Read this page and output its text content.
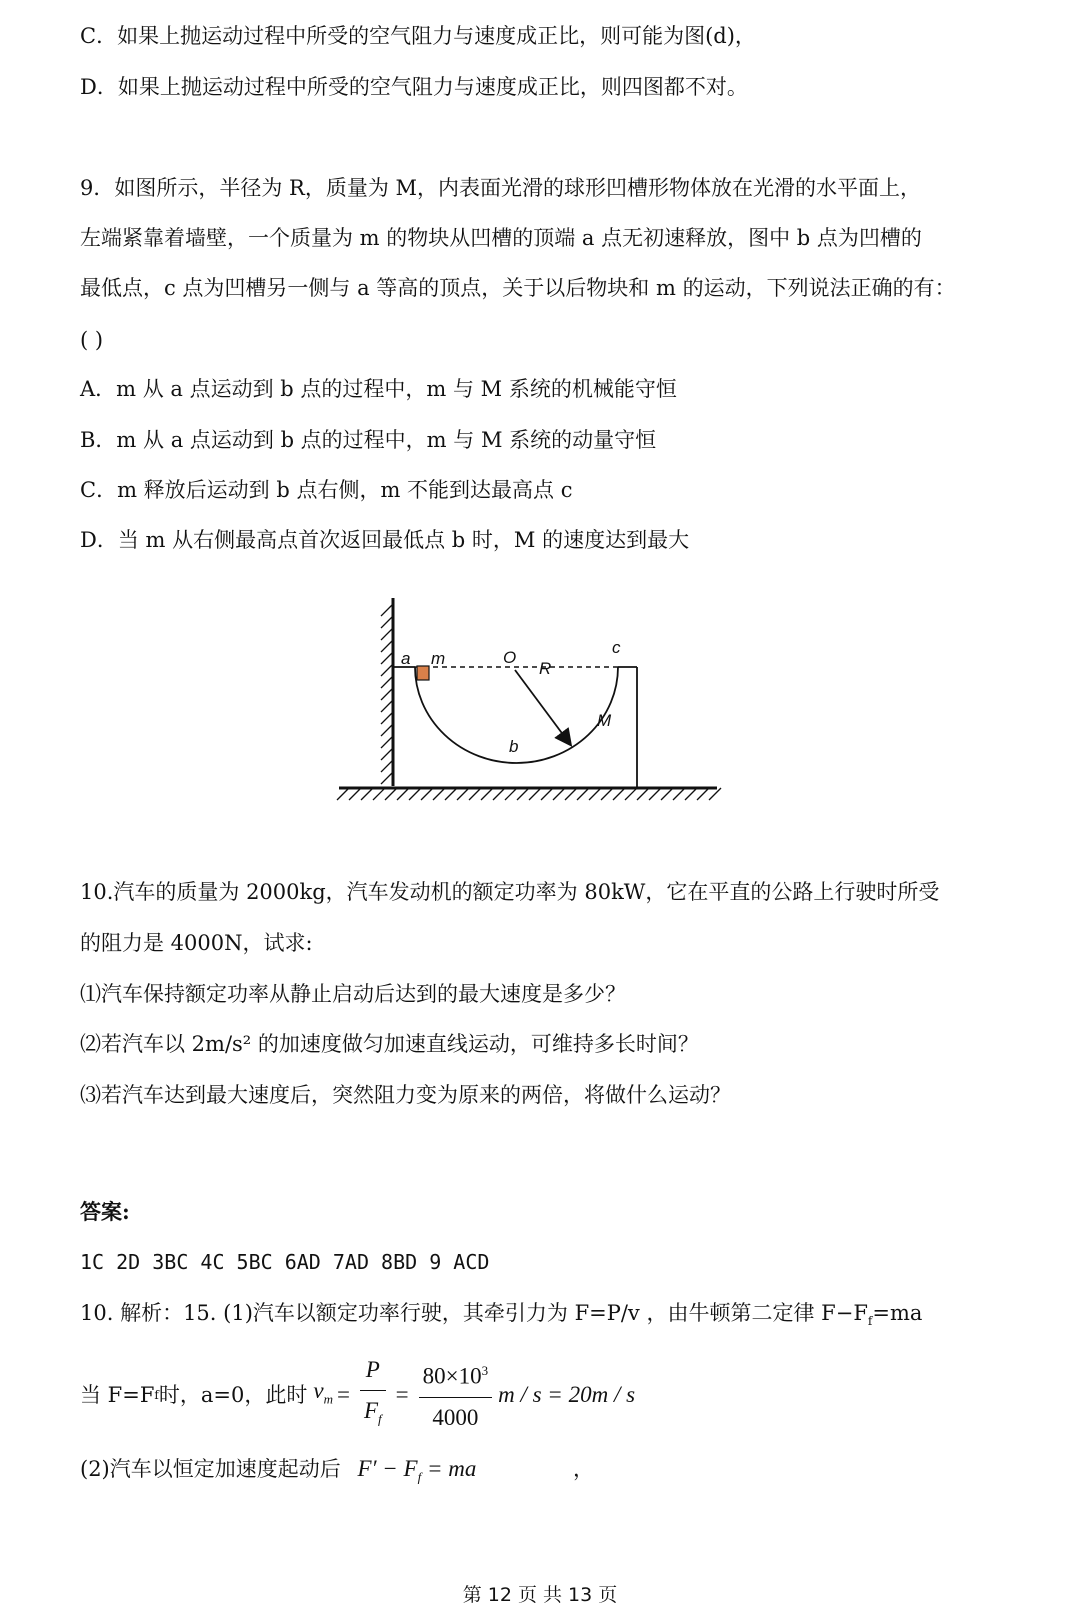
C．如果上抛运动过程中所受的空气阻力与速度成正比，则可能为图(d)，
D．如果上抛运动过程中所受的空气阻力与速度成正比，则四图都不对。
9．如图所示，半径为 R，质量为 M，内表面光滑的球形凹槽形物体放在光滑的水平面上，
左端紧靠着墙壁，一个质量为 m 的物块从凹槽的顶端 a 点无初速释放，图中 b 点为凹槽的
最低点，c 点为凹槽另一侧与 a 等高的顶点，关于以后物块和 m 的运动，下列说法正确的有：
( )
A．m 从 a 点运动到 b 点的过程中，m 与 M 系统的机械能守恒
B．m 从 a 点运动到 b 点的过程中，m 与 M 系统的动量守恒
C．m 释放后运动到 b 点右侧，m 不能到达最高点 c
D．当 m 从右侧最高点首次返回最低点 b 时，M 的速度达到最大
a m	O
R
c
M
b
10.汽车的质量为 2000kg，汽车发动机的额定功率为 80kW，它在平直的公路上行驶时所受
的阻力是 4000N，试求:
⑴汽车保持额定功率从静止启动后达到的最大速度是多少？
⑵若汽车以 2m/s² 的加速度做匀加速直线运动，可维持多长时间？
⑶若汽车达到最大速度后，突然阻力变为原来的两倍，将做什么运动？
答案:
1C 2D 3BC 4C 5BC 6AD 7AD 8BD 9 ACD
10. 解析：15. (1)汽车以额定功率行驶，其牵引力为 F=P/v ，由牛顿第二定律 $F-F_f=ma$
当 F=F f 时，a=0，此时 $v_m = \frac{P}{F_f} = \frac{80\times 10^3}{4000}$ m / s = 20m / s
(2)汽车以恒定加速度起动后 $F' - F_f$ = ma	，
第 12 页 共 13 页
